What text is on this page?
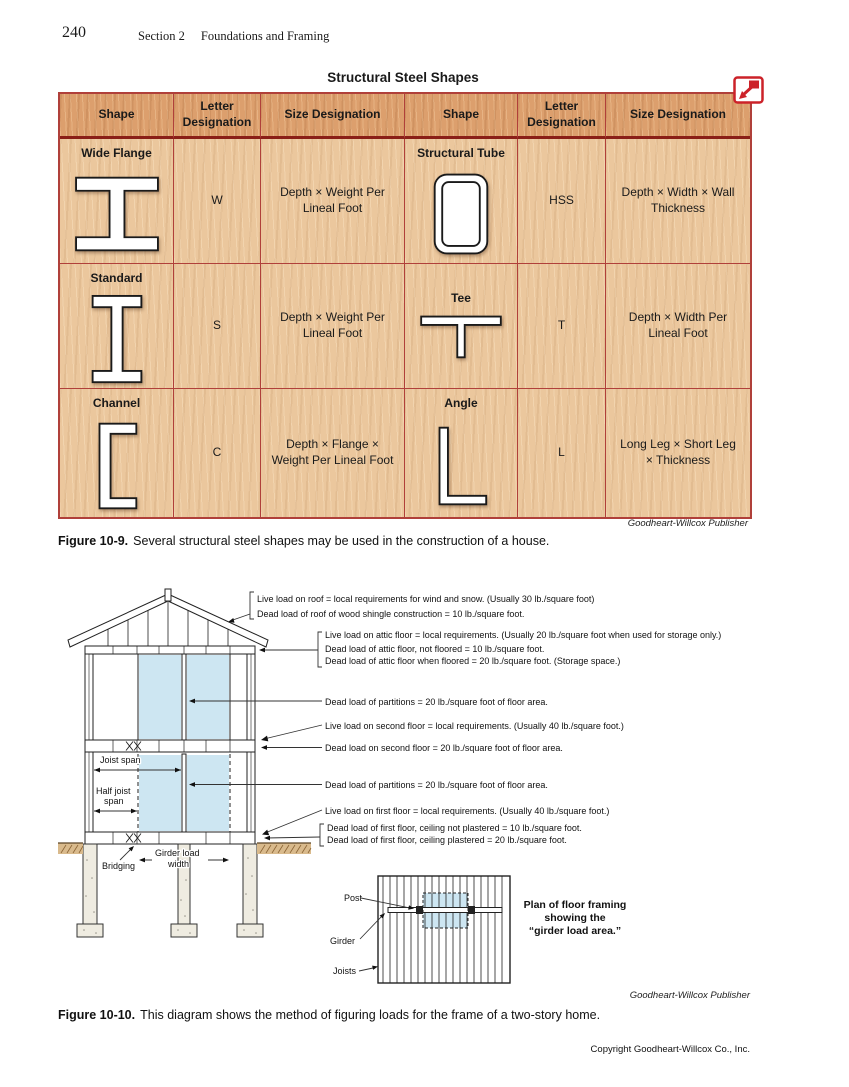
240	Section 2 Foundations and Framing
Structural Steel Shapes
Shape
Letter Designation
Size Designation	Shape
Letter Designation
Size Designation
Wide Flange
W
Depth × Weight Per Lineal Foot
Structural Tube
HSS
Depth × Width × Wall Thickness
Standard
S
Depth × Weight Per Lineal Foot
Tee
T
Depth × Width Per Lineal Foot
Channel
C
Depth × Flange × Weight Per Lineal Foot
Angle
L
Long Leg × Short Leg × Thickness
Goodheart-Willcox Publisher
Figure 10-9. Several structural steel shapes may be used in the construction of a house.
Live load on roof = local requirements for wind and snow. (Usually 30 lb./square foot)
Dead load of roof of wood shingle construction = 10 lb./square foot.
Live load on attic floor = local requirements. (Usually 20 lb./square foot when used for storage only.)
Dead load of attic floor, not floored = 10 lb./square foot.
Dead load of attic floor when floored = 20 lb./square foot. (Storage space.)
Dead load of partitions = 20 lb./square foot of floor area.
Live load on second floor = local requirements. (Usually 40 lb./square foot.)
Dead load on second floor = 20 lb./square foot of floor area.
Dead load of partitions = 20 lb./square foot of floor area.
Live load on first floor = local requirements. (Usually 40 lb./square foot.)
Dead load of first floor, ceiling not plastered = 10 lb./square foot.
Dead load of first floor, ceiling plastered = 20 lb./square foot.
Joist span
Half joist
span
Bridging
Girder load
width
Post
Girder
Joists
Plan of floor framing
showing the
“girder load area.”
Goodheart-Willcox Publisher
Figure 10-10. This diagram shows the method of figuring loads for the frame of a two-story home.
Copyright Goodheart-Willcox Co., Inc.
